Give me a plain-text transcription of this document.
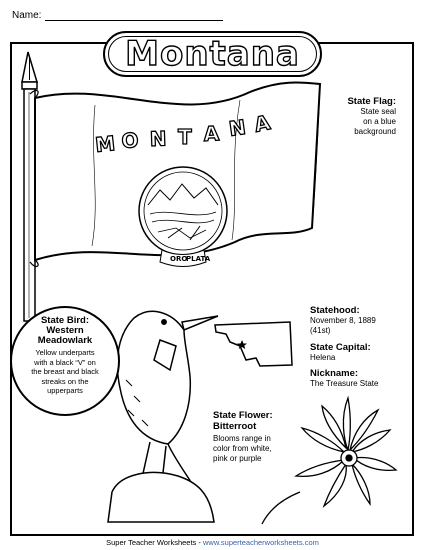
Name:
M O N T A N A
ORO
PLATA
Montana
State Flag:
State seal
on a blue
background
State Bird:
Western
Meadowlark
Yellow underparts
with a black “V” on
the breast and black
streaks on the
upperparts
Statehood:
November 8, 1889
(41st)
State Capital:
Helena
Nickname:
The Treasure State
State Flower:
Bitterroot
Blooms range in
color from white,
pink or purple
Super Teacher Worksheets - www.superteacherworksheets.com
